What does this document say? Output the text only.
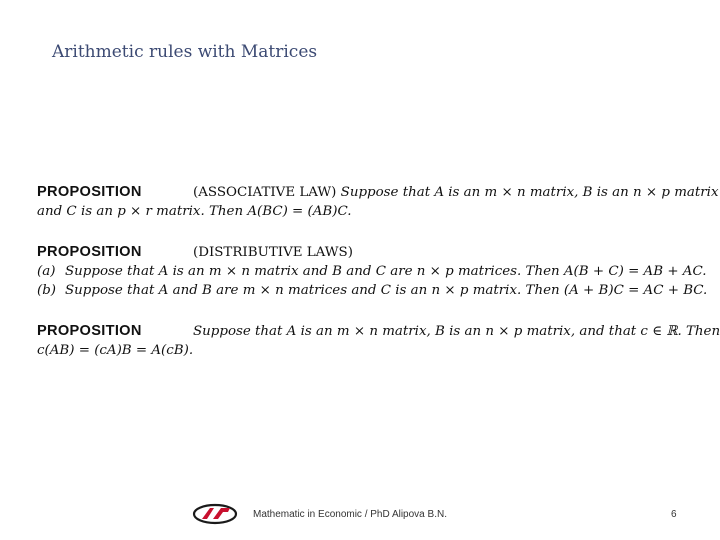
Arithmetic rules with Matrices
PROPOSITION	(ASSOCIATIVE LAW) Suppose that A is an m × n matrix, B is an n × p matrix
and C is an p × r matrix. Then A(BC) = (AB)C.
PROPOSITION	(DISTRIBUTIVE LAWS)
(a) Suppose that A is an m × n matrix and B and C are n × p matrices. Then A(B + C) = AB + AC.
(b) Suppose that A and B are m × n matrices and C is an n × p matrix. Then (A + B)C = AC + BC.
PROPOSITION	Suppose that A is an m × n matrix, B is an n × p matrix, and that c ∈ ℝ. Then
c(AB) = (cA)B = A(cB).
Mathematic in Economic / PhD Alipova B.N.	6
